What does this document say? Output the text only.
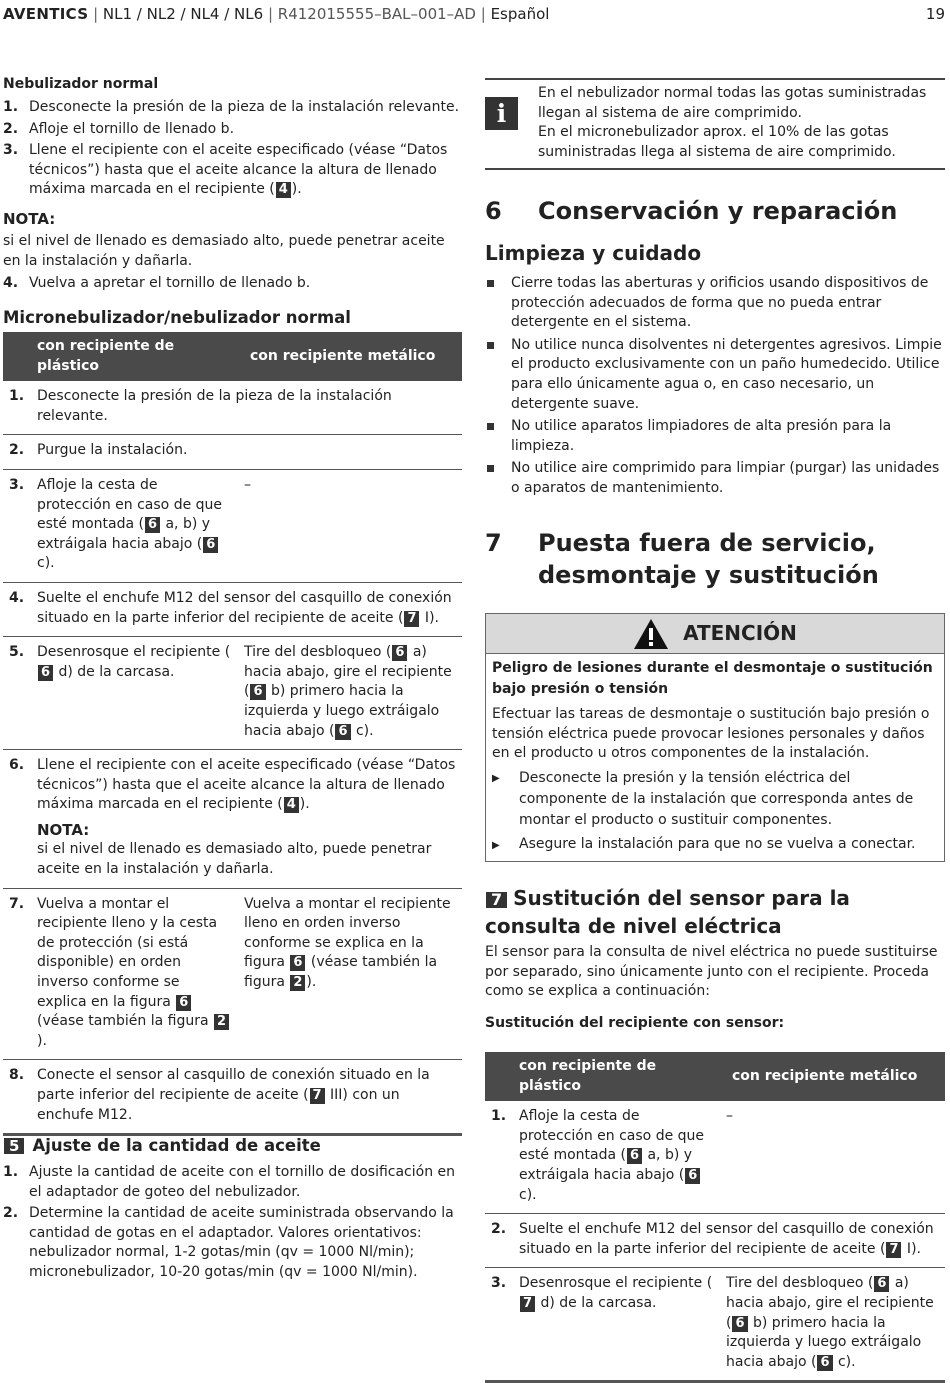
AVENTICS | NL1 / NL2 / NL4 / NL6 | R412015555–BAL–001–AD | Español	19
Nebulizador normal
1. Desconecte la presión de la pieza de la instalación relevante.
2. Afloje el tornillo de llenado b.
3. Llene el recipiente con el aceite especificado (véase “Datos técnicos”) hasta que el aceite alcance la altura de llenado máxima marcada en el recipiente ( 4 ).
NOTA:
si el nivel de llenado es demasiado alto, puede penetrar aceite en la instalación y dañarla.
4. Vuelva a apretar el tornillo de llenado b.
Micronebulizador/nebulizador normal
con recipiente de plástico		con recipiente metálico
1.	Desconecte la presión de la pieza de la instalación relevante.	
2.	Purgue la instalación.	
3.	Afloje la cesta de protección en caso de que esté montada ( 6 a, b) y extráigala hacia abajo ( 6 c).	–
4.	Suelte el enchufe M12 del sensor del casquillo de conexión situado en la parte inferior del recipiente de aceite ( 7 I).	
5.	Desenrosque el recipiente (6 d) de la carcasa.	Tire del desbloqueo ( 6 a) hacia abajo, gire el recipiente ( 6 b) primero hacia la izquierda y luego extráigalo hacia abajo ( 6 c).
6.	Llene el recipiente con el aceite especificado (véase “Datos técnicos”) hasta que el aceite alcance la altura de llenado máxima marcada en el recipiente ( 4 ).
NOTA:
si el nivel de llenado es demasiado alto, puede penetrar aceite en la instalación y dañarla.	

7.	Vuelva a montar el recipiente lleno y la cesta de protección (si está disponible) en orden inverso conforme se explica en la figura 6 (véase también la figura 2).	Vuelva a montar el recipiente lleno en orden inverso conforme se explica en la figura 6 (véase también la figura 2 ).
8.	Conecte el sensor al casquillo de conexión situado en la parte inferior del recipiente de aceite ( 7 III) con un enchufe M12.	
5 Ajuste de la cantidad de aceite
1. Ajuste la cantidad de aceite con el tornillo de dosificación en el adaptador de goteo del nebulizador.
2. Determine la cantidad de aceite suministrada observando la cantidad de gotas en el adaptador. Valores orientativos: nebulizador normal, 1-2 gotas/min (qv = 1000 Nl/min); micronebulizador, 10-20 gotas/min (qv = 1000 Nl/min).
i
En el nebulizador normal todas las gotas suministradas llegan al sistema de aire comprimido.
En el micronebulizador aprox. el 10% de las gotas suministradas llega al sistema de aire comprimido.
6	Conservación y reparación
Limpieza y cuidado
Cierre todas las aberturas y orificios usando dispositivos de protección adecuados de forma que no pueda entrar detergente en el sistema.
No utilice nunca disolventes ni detergentes agresivos. Limpie el producto exclusivamente con un paño humedecido. Utilice para ello únicamente agua o, en caso necesario, un detergente suave.
No utilice aparatos limpiadores de alta presión para la limpieza.
No utilice aire comprimido para limpiar (purgar) las unidades o aparatos de mantenimiento.
7	Puesta fuera de servicio, desmontaje y sustitución
ATENCIÓN
Peligro de lesiones durante el desmontaje o sustitución bajo presión o tensión
Efectuar las tareas de desmontaje o sustitución bajo presión o tensión eléctrica puede provocar lesiones personales y daños en el producto u otros componentes de la instalación.
▶	Desconecte la presión y la tensión eléctrica del componente de la instalación que corresponda antes de montar el producto o sustituir componentes.
▶	Asegure la instalación para que no se vuelva a conectar.
7 Sustitución del sensor para la consulta de nivel eléctrica
El sensor para la consulta de nivel eléctrica no puede sustituirse por separado, sino únicamente junto con el recipiente. Proceda como se explica a continuación:
Sustitución del recipiente con sensor:
con recipiente de plástico		con recipiente metálico
1.	Afloje la cesta de protección en caso de que esté montada ( 6 a, b) y extráigala hacia abajo ( 6 c).	–
2.	Suelte el enchufe M12 del sensor del casquillo de conexión situado en la parte inferior del recipiente de aceite ( 7 I).	
3.	Desenrosque el recipiente (7 d) de la carcasa.	Tire del desbloqueo ( 6 a) hacia abajo, gire el recipiente ( 6 b) primero hacia la izquierda y luego extráigalo hacia abajo ( 6 c).
